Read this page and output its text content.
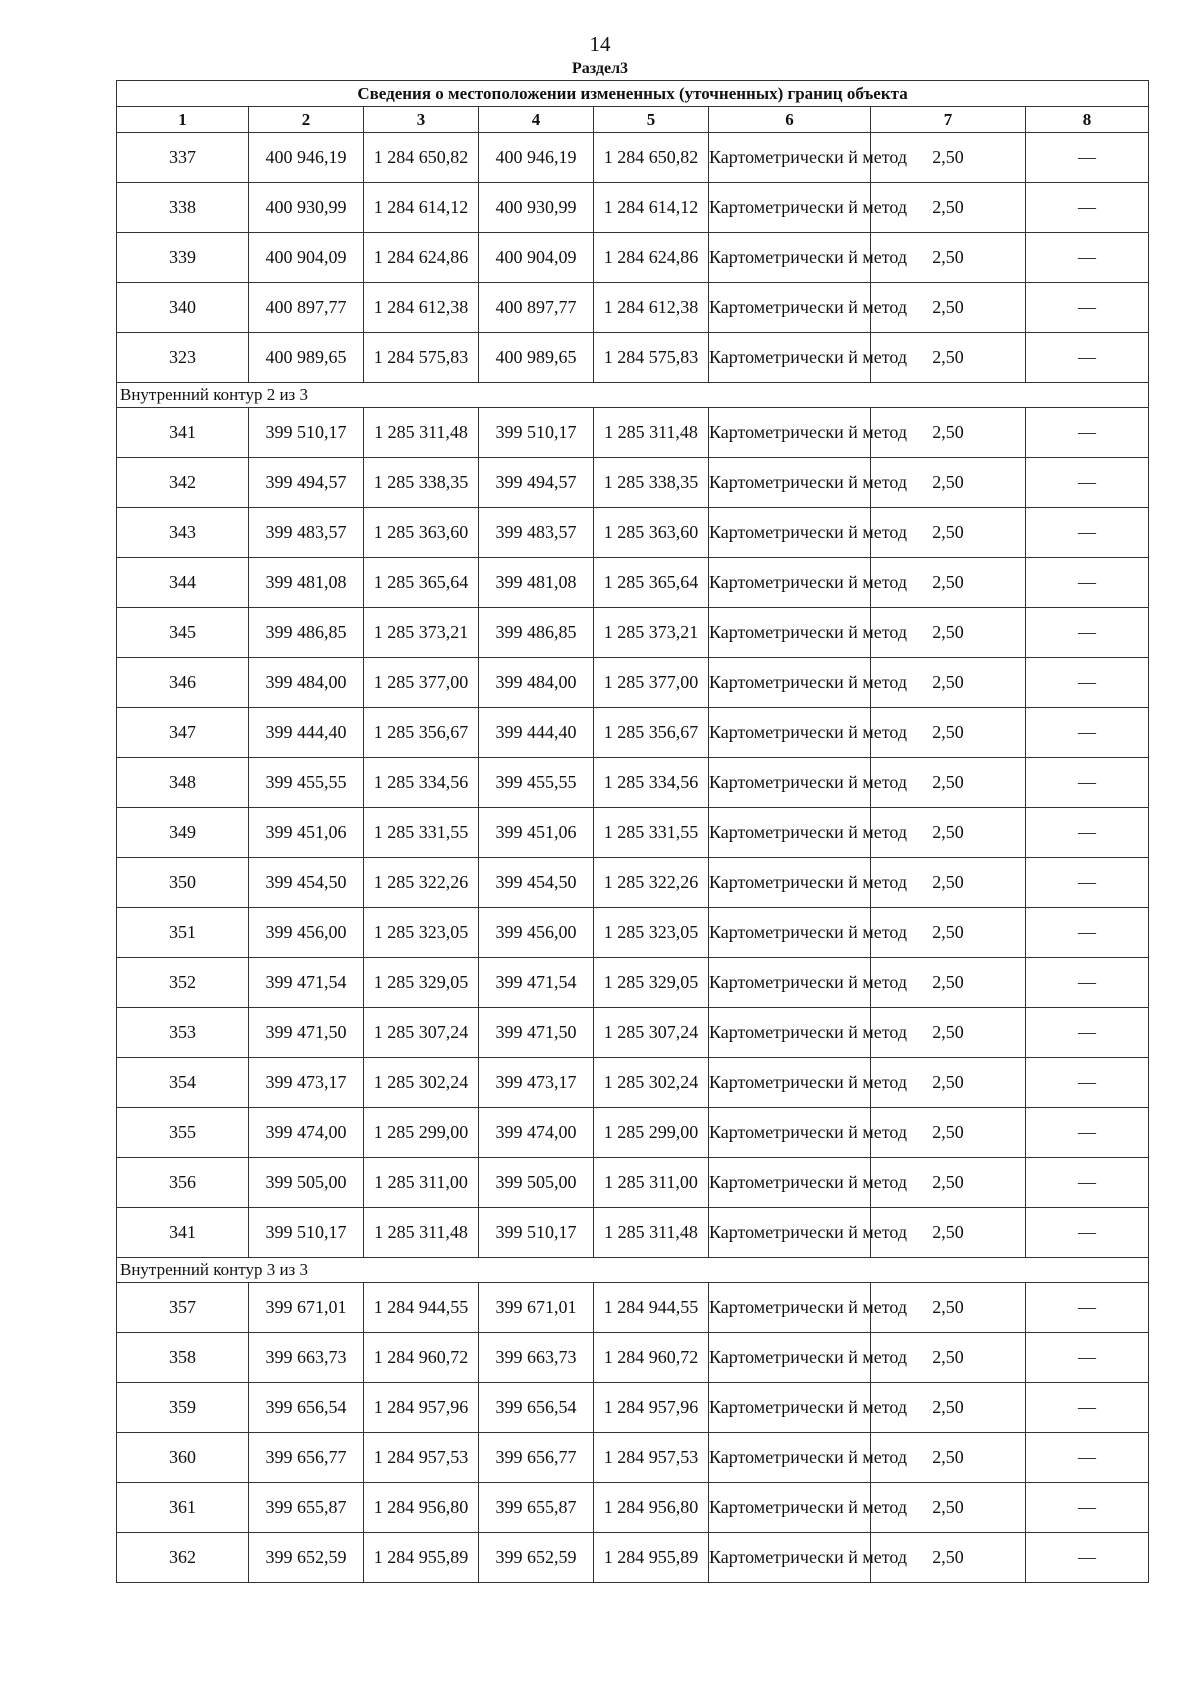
14
Раздел3
Сведения о местоположении измененных (уточненных) границ объекта							
1	2	3	4	5	6	7	8
337	400 946,19	1 284 650,82	400 946,19	1 284 650,82	Картометрически й метод	2,50	—
338	400 930,99	1 284 614,12	400 930,99	1 284 614,12	Картометрически й метод	2,50	—
339	400 904,09	1 284 624,86	400 904,09	1 284 624,86	Картометрически й метод	2,50	—
340	400 897,77	1 284 612,38	400 897,77	1 284 612,38	Картометрически й метод	2,50	—
323	400 989,65	1 284 575,83	400 989,65	1 284 575,83	Картометрически й метод	2,50	—
Внутренний контур 2 из 3							
341	399 510,17	1 285 311,48	399 510,17	1 285 311,48	Картометрически й метод	2,50	—
342	399 494,57	1 285 338,35	399 494,57	1 285 338,35	Картометрически й метод	2,50	—
343	399 483,57	1 285 363,60	399 483,57	1 285 363,60	Картометрически й метод	2,50	—
344	399 481,08	1 285 365,64	399 481,08	1 285 365,64	Картометрически й метод	2,50	—
345	399 486,85	1 285 373,21	399 486,85	1 285 373,21	Картометрически й метод	2,50	—
346	399 484,00	1 285 377,00	399 484,00	1 285 377,00	Картометрически й метод	2,50	—
347	399 444,40	1 285 356,67	399 444,40	1 285 356,67	Картометрически й метод	2,50	—
348	399 455,55	1 285 334,56	399 455,55	1 285 334,56	Картометрически й метод	2,50	—
349	399 451,06	1 285 331,55	399 451,06	1 285 331,55	Картометрически й метод	2,50	—
350	399 454,50	1 285 322,26	399 454,50	1 285 322,26	Картометрически й метод	2,50	—
351	399 456,00	1 285 323,05	399 456,00	1 285 323,05	Картометрически й метод	2,50	—
352	399 471,54	1 285 329,05	399 471,54	1 285 329,05	Картометрически й метод	2,50	—
353	399 471,50	1 285 307,24	399 471,50	1 285 307,24	Картометрически й метод	2,50	—
354	399 473,17	1 285 302,24	399 473,17	1 285 302,24	Картометрически й метод	2,50	—
355	399 474,00	1 285 299,00	399 474,00	1 285 299,00	Картометрически й метод	2,50	—
356	399 505,00	1 285 311,00	399 505,00	1 285 311,00	Картометрически й метод	2,50	—
341	399 510,17	1 285 311,48	399 510,17	1 285 311,48	Картометрически й метод	2,50	—
Внутренний контур 3 из 3							
357	399 671,01	1 284 944,55	399 671,01	1 284 944,55	Картометрически й метод	2,50	—
358	399 663,73	1 284 960,72	399 663,73	1 284 960,72	Картометрически й метод	2,50	—
359	399 656,54	1 284 957,96	399 656,54	1 284 957,96	Картометрически й метод	2,50	—
360	399 656,77	1 284 957,53	399 656,77	1 284 957,53	Картометрически й метод	2,50	—
361	399 655,87	1 284 956,80	399 655,87	1 284 956,80	Картометрически й метод	2,50	—
362	399 652,59	1 284 955,89	399 652,59	1 284 955,89	Картометрически й метод	2,50	—
